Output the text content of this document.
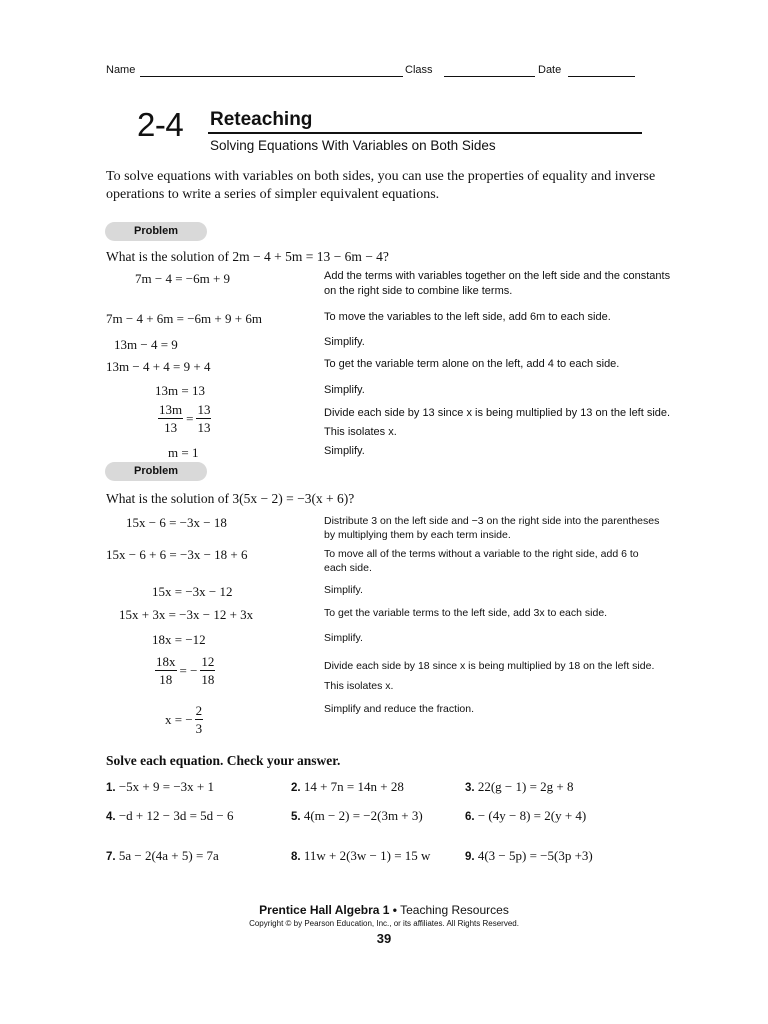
Name	Class	Date
2-4 Reteaching
Solving Equations With Variables on Both Sides
To solve equations with variables on both sides, you can use the properties of equality and inverse operations to write a series of simpler equivalent equations.
Problem
What is the solution of 2m − 4 + 5m = 13 − 6m − 4?
7m − 4 = −6m + 9	Add the terms with variables together on the left side and the constants on the right side to combine like terms.
7m − 4 + 6m = −6m + 9 + 6m	To move the variables to the left side, add 6m to each side.
13m − 4 = 9	Simplify.
13m − 4 + 4 = 9 + 4	To get the variable term alone on the left, add 4 to each side.
13m = 13	Simplify.
$\frac{13m}{13} = \frac{13}{13}$	Divide each side by 13 since x is being multiplied by 13 on the left side. This isolates x.
m = 1	Simplify.
Problem
What is the solution of 3(5x − 2) = −3(x + 6)?
15x − 6 = −3x − 18	Distribute 3 on the left side and −3 on the right side into the parentheses by multiplying them by each term inside.
15x − 6 + 6 = −3x − 18 + 6	To move all of the terms without a variable to the right side, add 6 to each side.
15x = −3x − 12	Simplify.
15x + 3x = −3x − 12 + 3x	To get the variable terms to the left side, add 3x to each side.
18x = −12	Simplify.
$\frac{18x}{18}$ = − $\frac{12}{18}$	Divide each side by 18 since x is being multiplied by 18 on the left side. This isolates x.
x = − $\frac{2}{3}$	Simplify and reduce the fraction.
Solve each equation. Check your answer.
1. −5x + 9 = −3x + 1	2. 14 + 7n = 14n + 28	3. 22(g − 1) = 2g + 8
4. −d + 12 − 3d = 5d − 6	5. 4(m − 2) = −2(3m + 3)	6. − (4y − 8) = 2(y + 4)
7. 5a − 2(4a + 5) = 7a	8. 11w + 2(3w − 1) = 15 w	9. 4(3 − 5p) = −5(3p +3)
Prentice Hall Algebra 1 • Teaching Resources
Copyright © by Pearson Education, Inc., or its affiliates. All Rights Reserved.
39
